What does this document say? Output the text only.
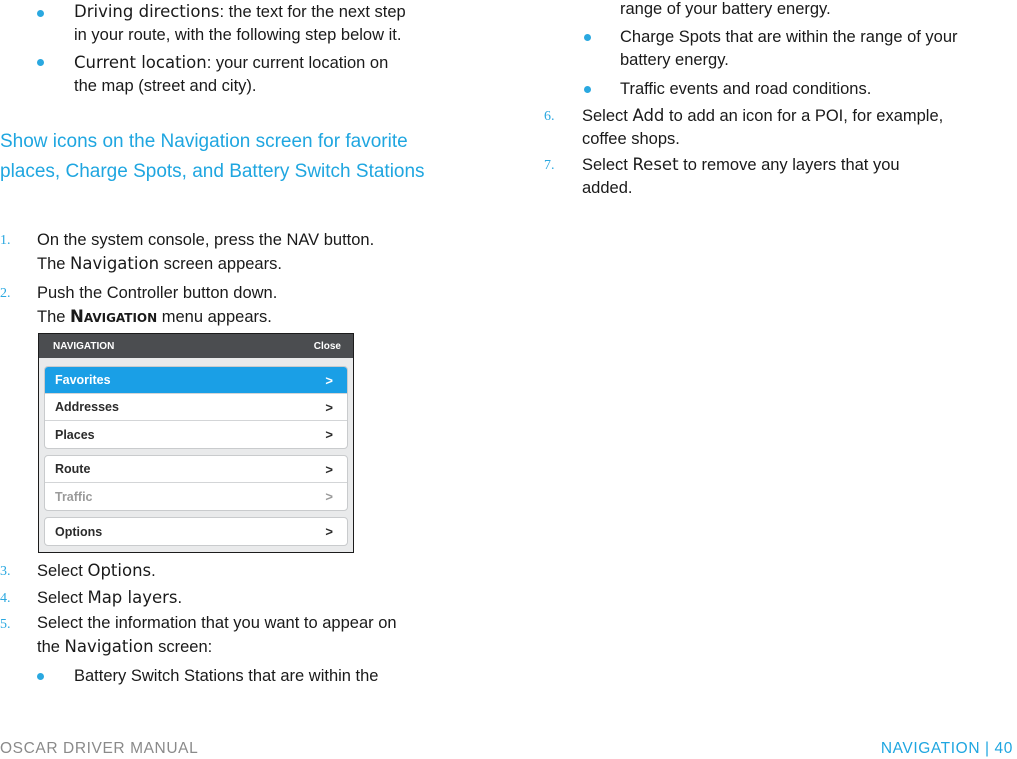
Driving directions: the text for the next step
in your route, with the following step below it.
Current location: your current location on
the map (street and city).
Show icons on the Navigation screen for favorite places, Charge Spots, and Battery Switch Stations
1. On the system console, press the NAV button.
The Navigation screen appears.
2. Push the Controller button down.
The Navigation menu appears.
NAVIGATION	Close
Favorites	>
Addresses	>
Places	>
Route	>
Traffic	>
Options	>
3. Select Options.
4. Select Map layers.
5. Select the information that you want to appear on
the Navigation screen:
Battery Switch Stations that are within the
range of your battery energy.
Charge Spots that are within the range of your
battery energy.
Traffic events and road conditions.
6. Select Add to add an icon for a POI, for example,
coffee shops.
7. Select Reset to remove any layers that you
added.
OSCAR DRIVER MANUAL	NAVIGATION | 40
